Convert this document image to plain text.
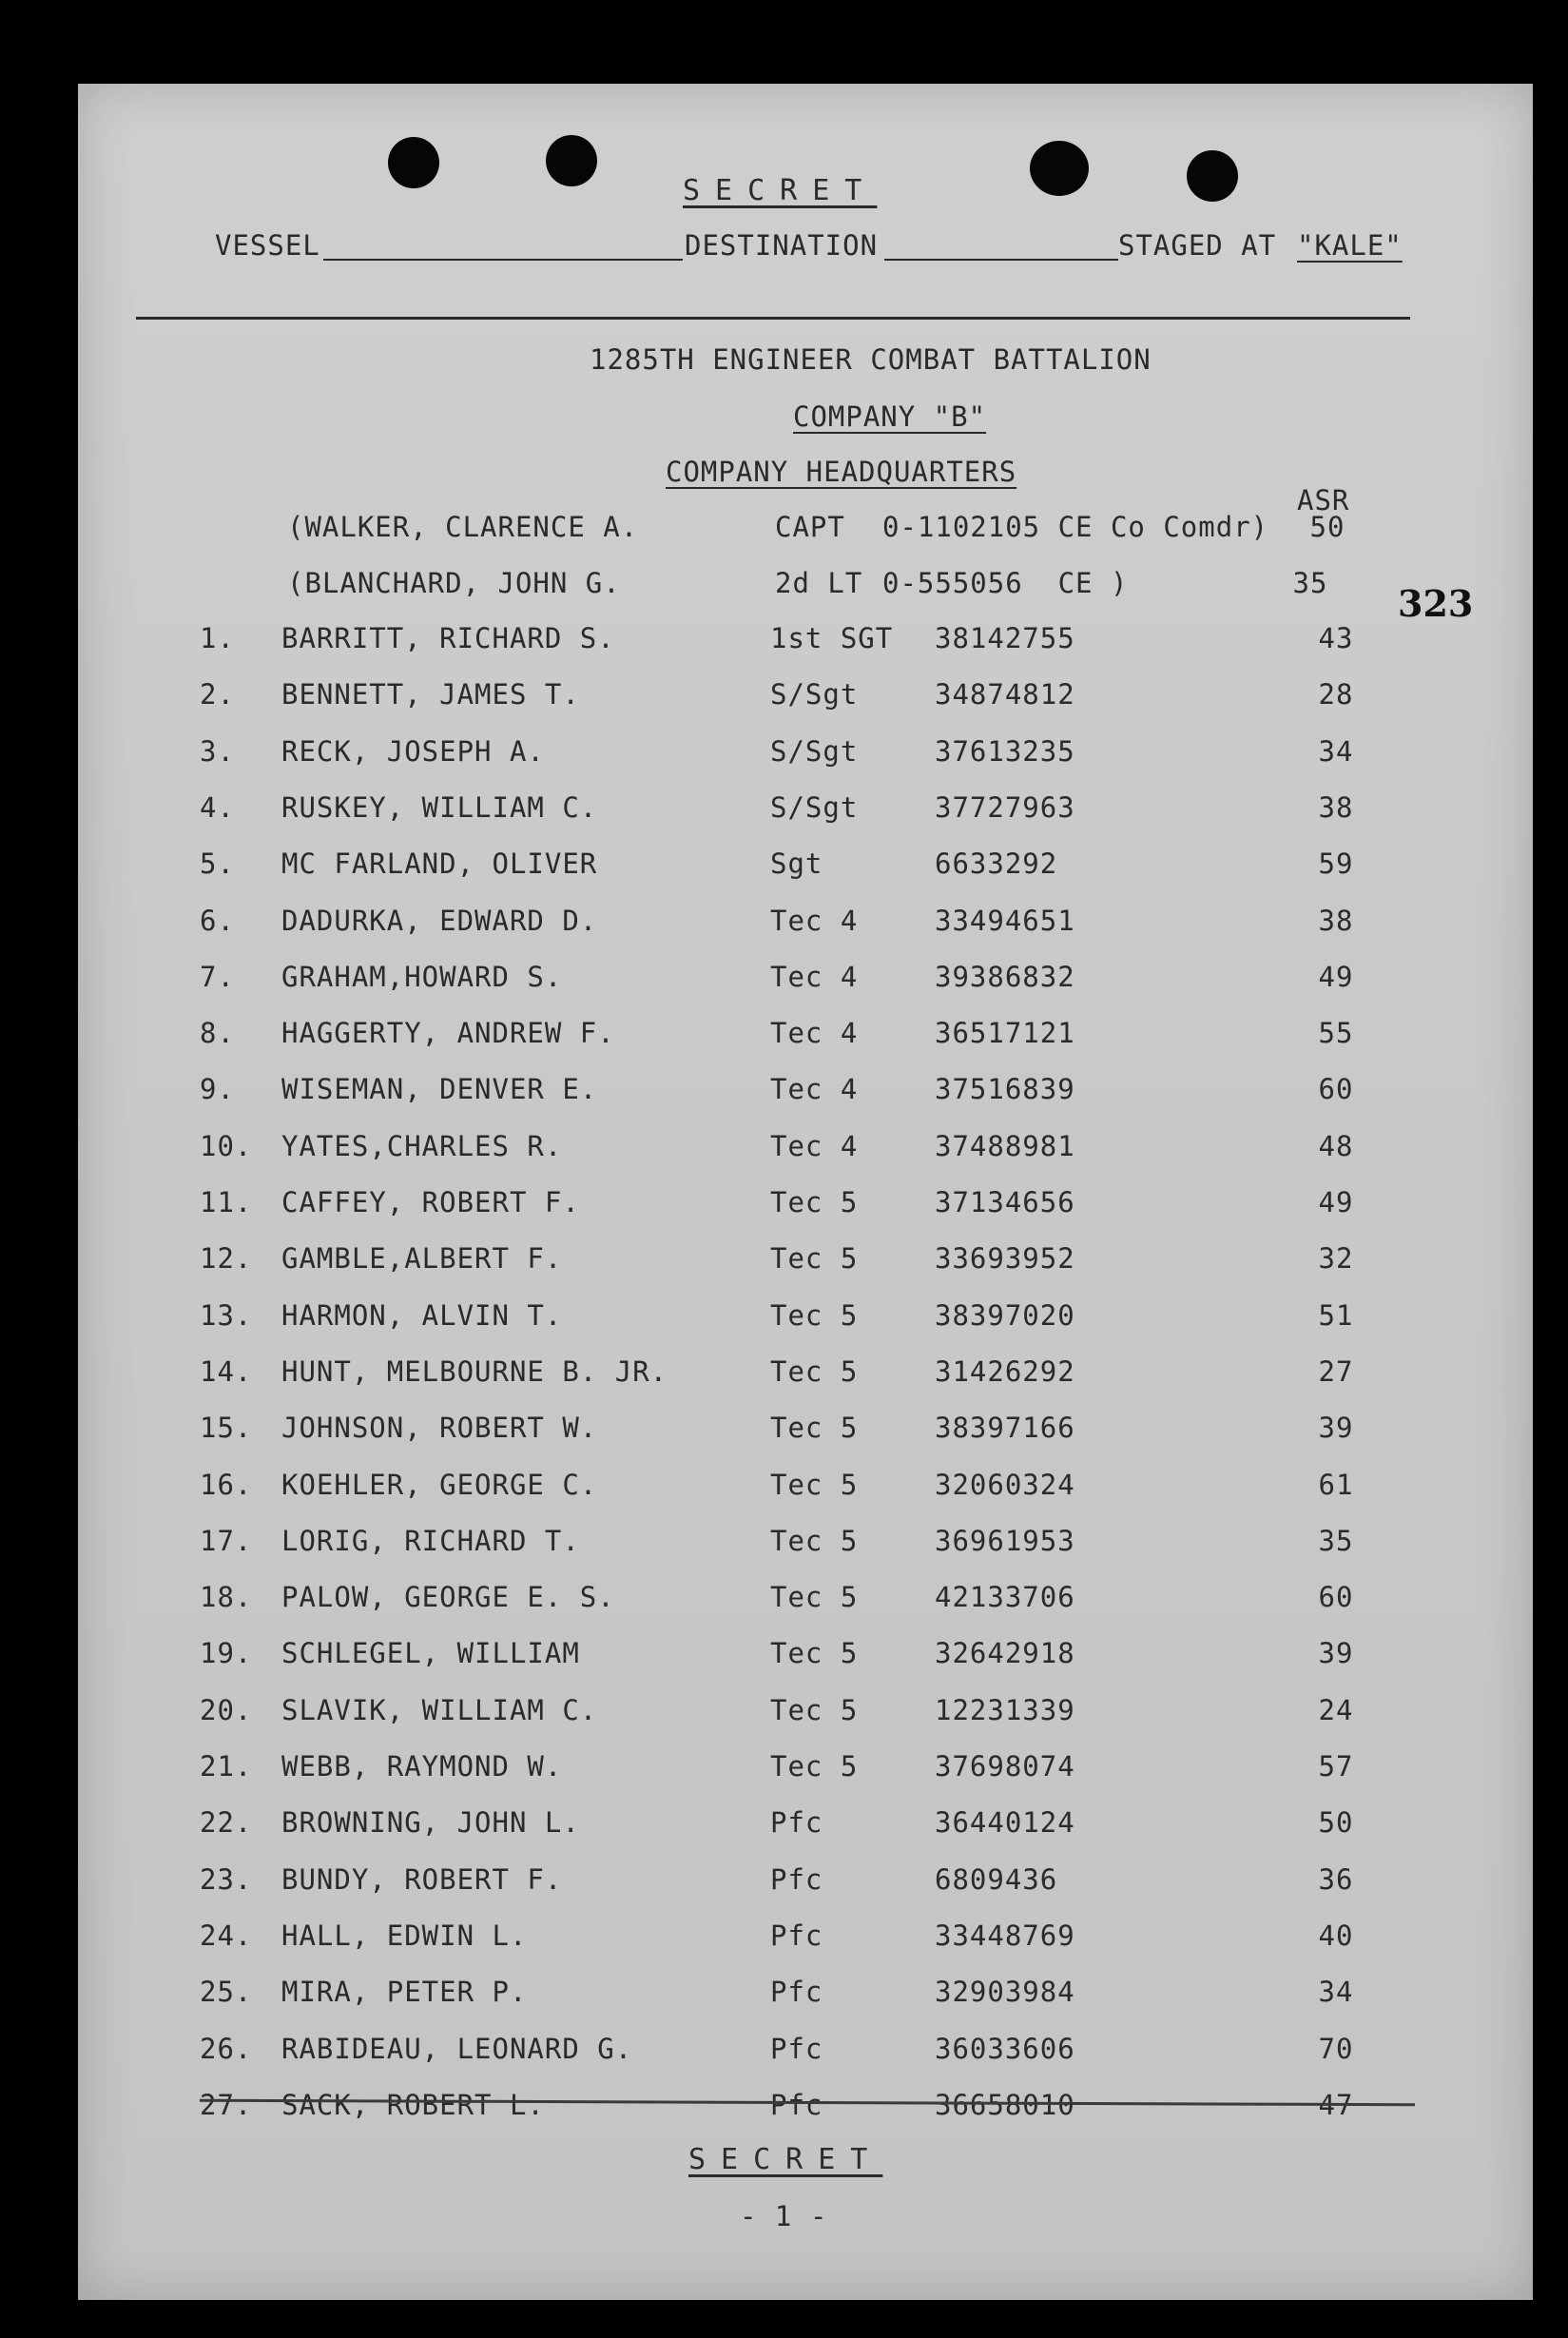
SECRET
VESSEL	DESTINATION	STAGED AT "KALE"
1285TH ENGINEER COMBAT BATTALION
COMPANY "B"
COMPANY HEADQUARTERS
ASR
323
(WALKER, CLARENCE A.	CAPT 0-1102105 CE Co Comdr)	50
(BLANCHARD, JOHN G.	2d LT 0-555056  CE )	35
1.	BARRITT, RICHARD S.	1st SGT 38142755	43
2.	BENNETT, JAMES T.	S/Sgt	34874812	28
3.	RECK, JOSEPH A.	S/Sgt	37613235	34
4.	RUSKEY, WILLIAM C.	S/Sgt	37727963	38
5.	MC FARLAND, OLIVER	Sgt	6633292	59
6.	DADURKA, EDWARD D.	Tec 4	33494651	38
7.	GRAHAM,HOWARD S.	Tec 4	39386832	49
8.	HAGGERTY, ANDREW F.	Tec 4	36517121	55
9.	WISEMAN, DENVER E.	Tec 4	37516839	60
10.	YATES,CHARLES R.	Tec 4	37488981	48
11.	CAFFEY, ROBERT F.	Tec 5	37134656	49
12.	GAMBLE,ALBERT F.	Tec 5	33693952	32
13.	HARMON, ALVIN T.	Tec 5	38397020	51
14.	HUNT, MELBOURNE B. JR.	Tec 5	31426292	27
15.	JOHNSON, ROBERT W.	Tec 5	38397166	39
16.	KOEHLER, GEORGE C.	Tec 5	32060324	61
17.	LORIG, RICHARD T.	Tec 5	36961953	35
18.	PALOW, GEORGE E. S.	Tec 5	42133706	60
19.	SCHLEGEL, WILLIAM	Tec 5	32642918	39
20.	SLAVIK, WILLIAM C.	Tec 5	12231339	24
21.	WEBB, RAYMOND W.	Tec 5	37698074	57
22.	BROWNING, JOHN L.	Pfc	36440124	50
23.	BUNDY, ROBERT F.	Pfc	6809436	36
24.	HALL, EDWIN L.	Pfc	33448769	40
25.	MIRA, PETER P.	Pfc	32903984	34
26.	RABIDEAU, LEONARD G.	Pfc	36033606	70
27.	SACK, ROBERT L.	Pfc	36658010	47
SECRET
- 1 -
